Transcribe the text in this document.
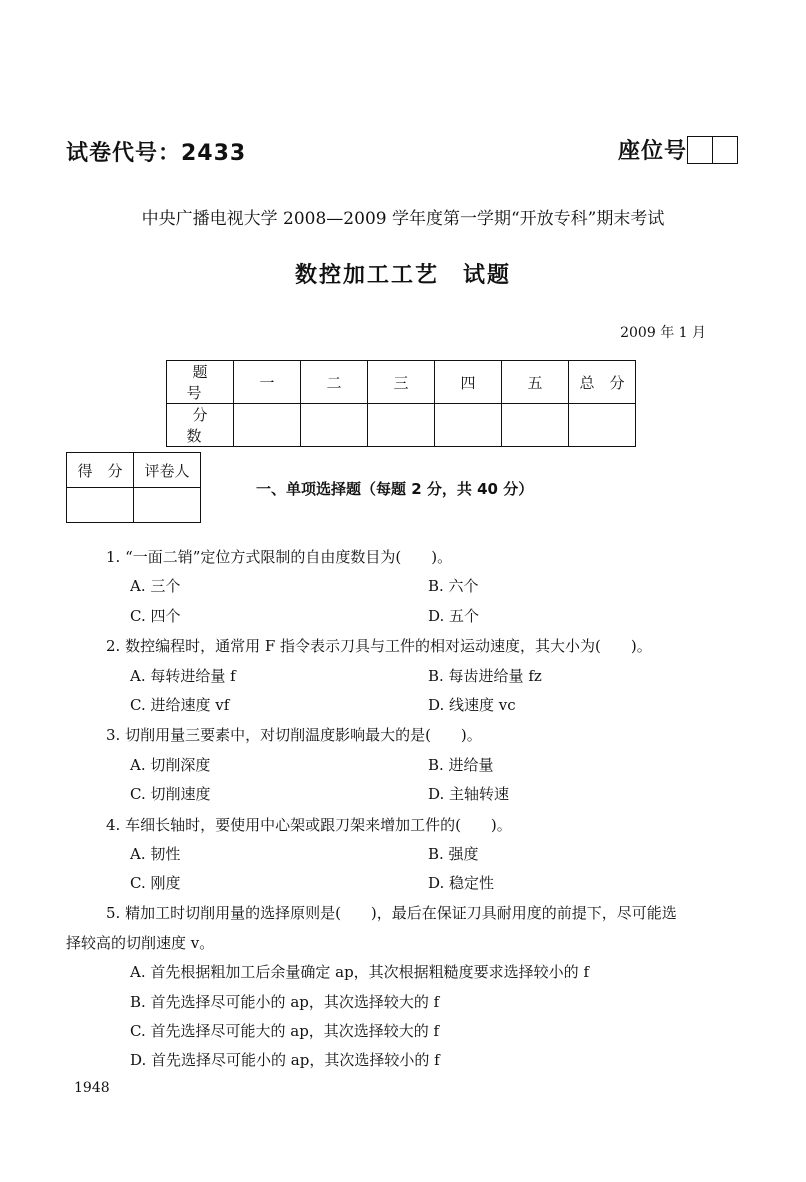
试卷代号：2433	座位号
中央广播电视大学 2008—2009 学年度第一学期“开放专科”期末考试
数控加工工艺　试题
2009 年 1 月
题　号	一	二	三	四	五	总　分
分　数						
得　分	评卷人

一、单项选择题（每题 2 分，共 40 分）
1. “一面二销”定位方式限制的自由度数目为(　　)。
A. 三个	B. 六个
C. 四个	D. 五个
2. 数控编程时，通常用 F 指令表示刀具与工件的相对运动速度，其大小为(　　)。
A. 每转进给量 f	B. 每齿进给量 fz
C. 进给速度 vf	D. 线速度 vc
3. 切削用量三要素中，对切削温度影响最大的是(　　)。
A. 切削深度	B. 进给量
C. 切削速度	D. 主轴转速
4. 车细长轴时，要使用中心架或跟刀架来增加工件的(　　)。
A. 韧性	B. 强度
C. 刚度	D. 稳定性
5. 精加工时切削用量的选择原则是(　　)，最后在保证刀具耐用度的前提下，尽可能选
择较高的切削速度 v。
A. 首先根据粗加工后余量确定 ap，其次根据粗糙度要求选择较小的 f
B. 首先选择尽可能小的 ap，其次选择较大的 f
C. 首先选择尽可能大的 ap，其次选择较大的 f
D. 首先选择尽可能小的 ap，其次选择较小的 f
1948
